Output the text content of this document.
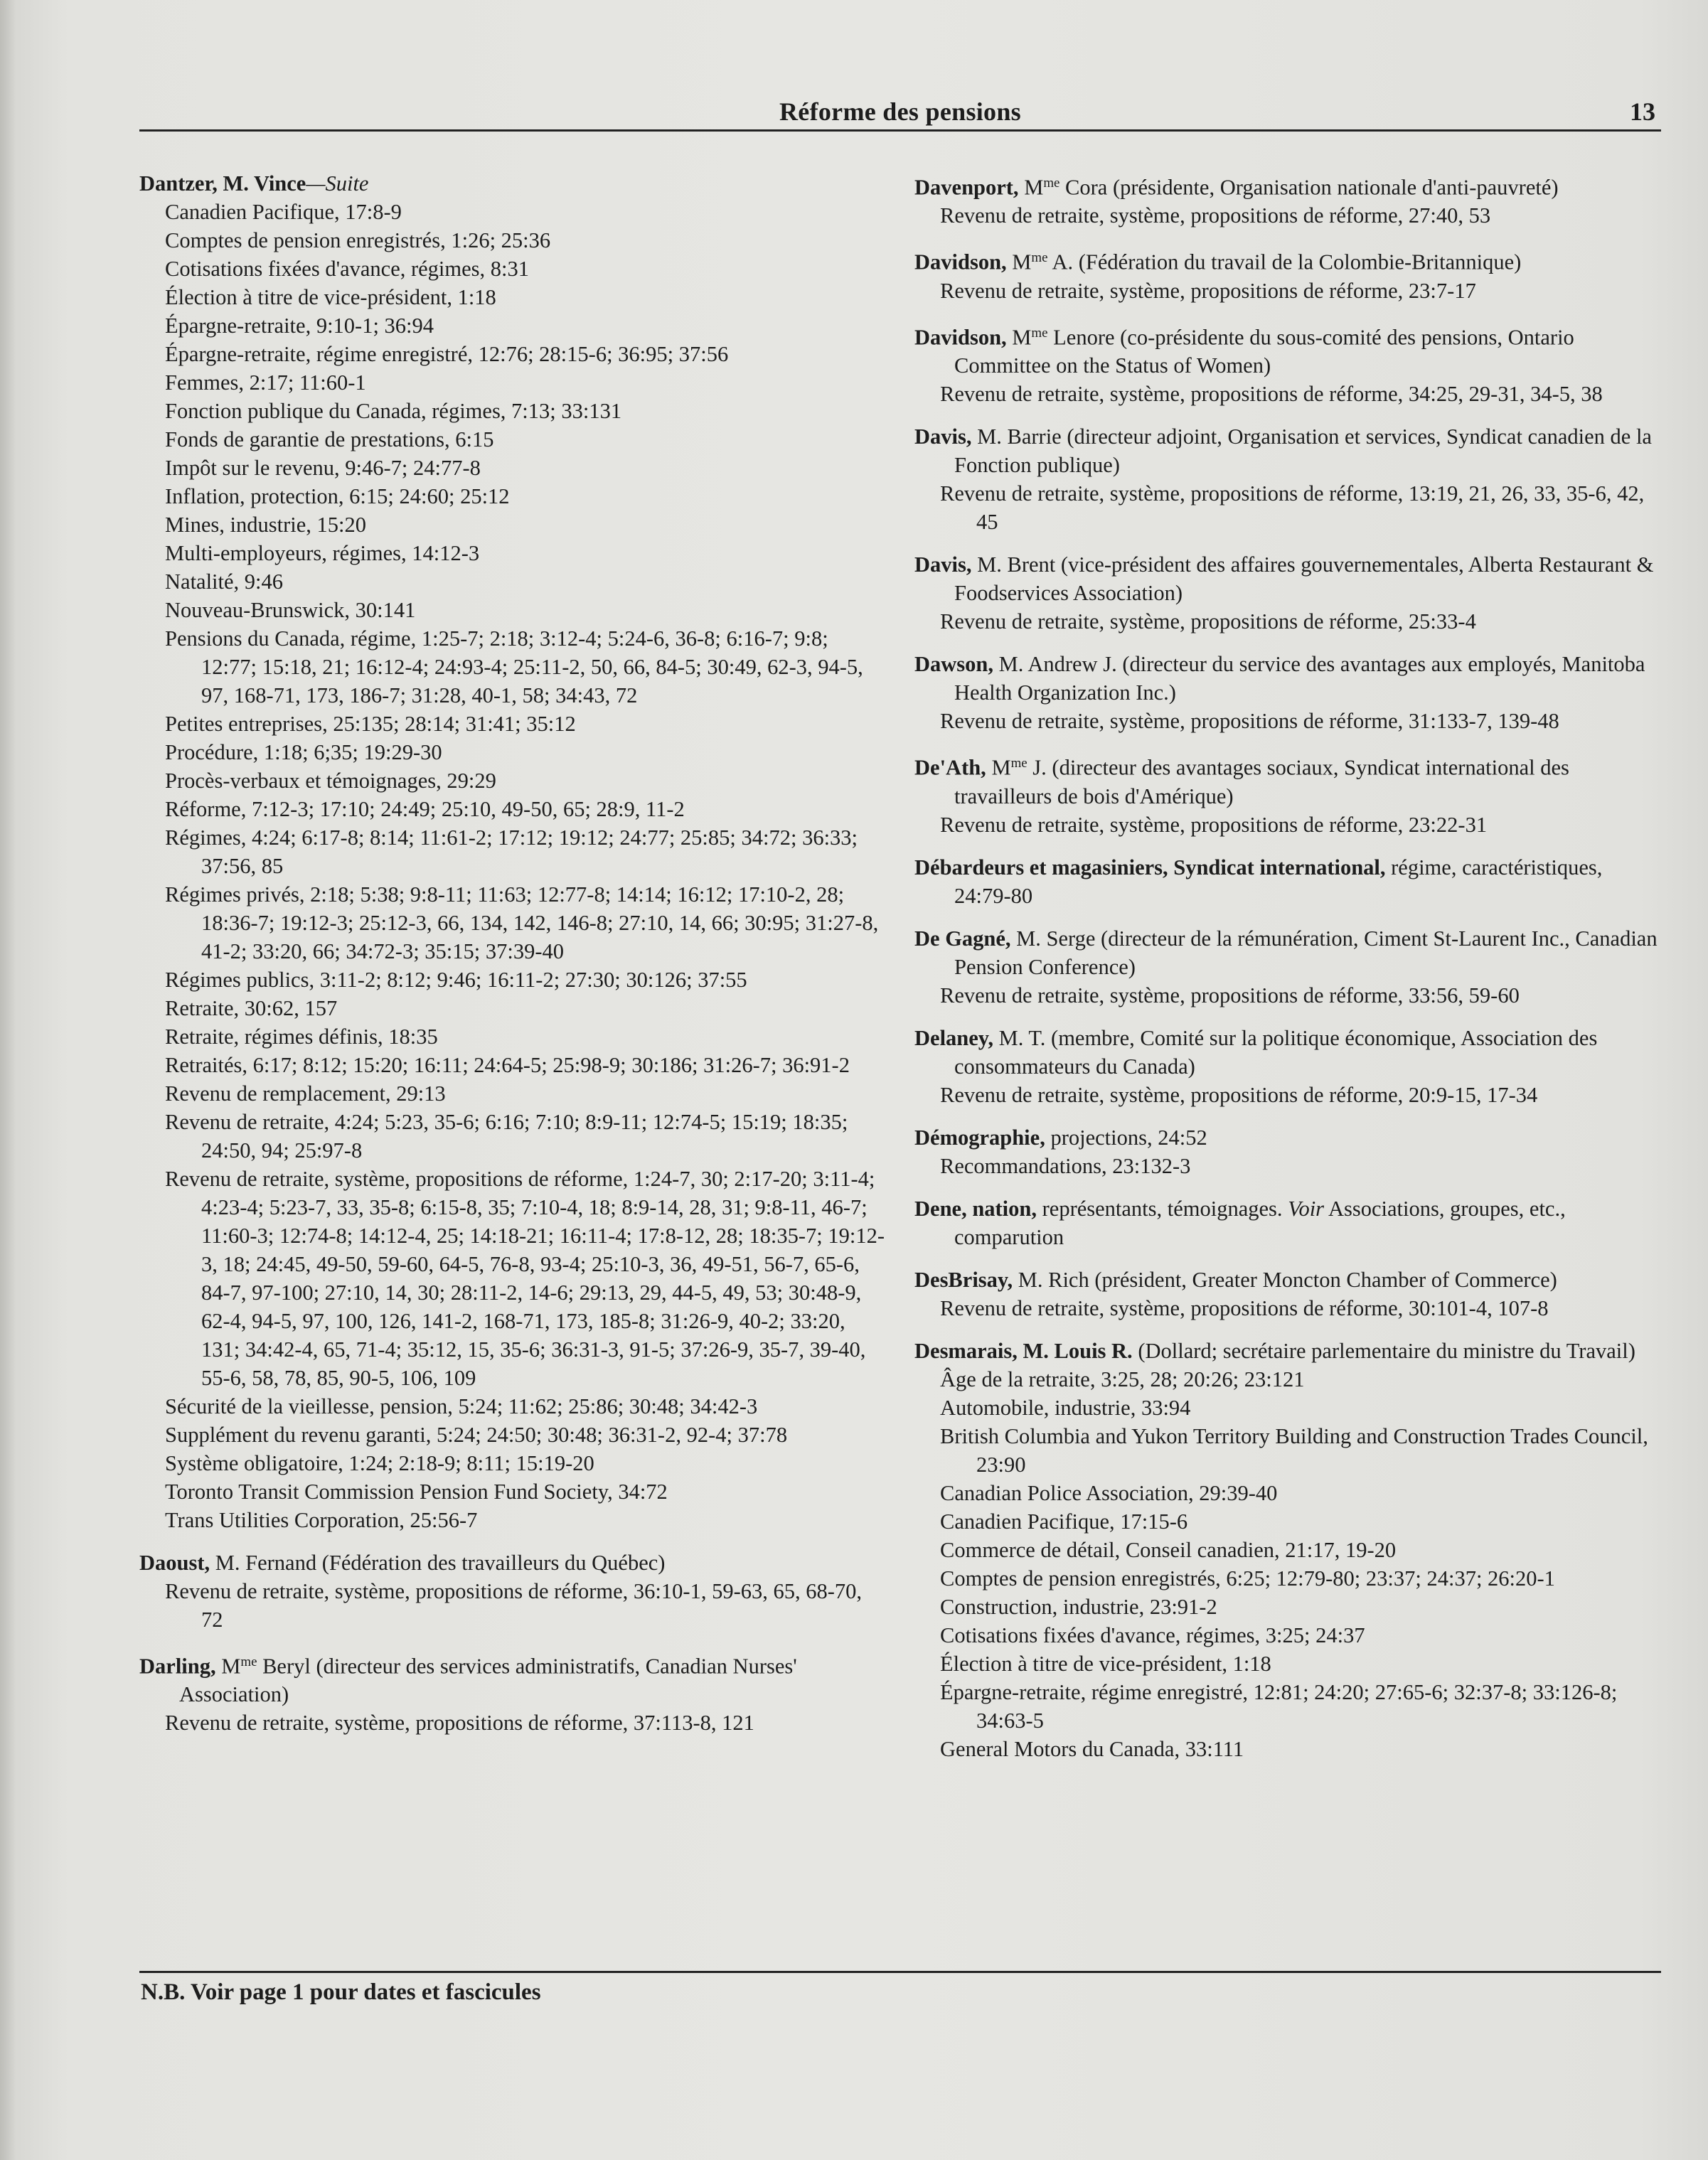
Réforme des pensions	13
Dantzer, M. Vince—Suite
Canadien Pacifique, 17:8-9
Comptes de pension enregistrés, 1:26; 25:36
Cotisations fixées d'avance, régimes, 8:31
Élection à titre de vice-président, 1:18
Épargne-retraite, 9:10-1; 36:94
Épargne-retraite, régime enregistré, 12:76; 28:15-6; 36:95; 37:56
Femmes, 2:17; 11:60-1
Fonction publique du Canada, régimes, 7:13; 33:131
Fonds de garantie de prestations, 6:15
Impôt sur le revenu, 9:46-7; 24:77-8
Inflation, protection, 6:15; 24:60; 25:12
Mines, industrie, 15:20
Multi-employeurs, régimes, 14:12-3
Natalité, 9:46
Nouveau-Brunswick, 30:141
Pensions du Canada, régime, 1:25-7; 2:18; 3:12-4; 5:24-6, 36-8; 6:16-7; 9:8; 12:77; 15:18, 21; 16:12-4; 24:93-4; 25:11-2, 50, 66, 84-5; 30:49, 62-3, 94-5, 97, 168-71, 173, 186-7; 31:28, 40-1, 58; 34:43, 72
Petites entreprises, 25:135; 28:14; 31:41; 35:12
Procédure, 1:18; 6;35; 19:29-30
Procès-verbaux et témoignages, 29:29
Réforme, 7:12-3; 17:10; 24:49; 25:10, 49-50, 65; 28:9, 11-2
Régimes, 4:24; 6:17-8; 8:14; 11:61-2; 17:12; 19:12; 24:77; 25:85; 34:72; 36:33; 37:56, 85
Régimes privés, 2:18; 5:38; 9:8-11; 11:63; 12:77-8; 14:14; 16:12; 17:10-2, 28; 18:36-7; 19:12-3; 25:12-3, 66, 134, 142, 146-8; 27:10, 14, 66; 30:95; 31:27-8, 41-2; 33:20, 66; 34:72-3; 35:15; 37:39-40
Régimes publics, 3:11-2; 8:12; 9:46; 16:11-2; 27:30; 30:126; 37:55
Retraite, 30:62, 157
Retraite, régimes définis, 18:35
Retraités, 6:17; 8:12; 15:20; 16:11; 24:64-5; 25:98-9; 30:186; 31:26-7; 36:91-2
Revenu de remplacement, 29:13
Revenu de retraite, 4:24; 5:23, 35-6; 6:16; 7:10; 8:9-11; 12:74-5; 15:19; 18:35; 24:50, 94; 25:97-8
Revenu de retraite, système, propositions de réforme, 1:24-7, 30; 2:17-20; 3:11-4; 4:23-4; 5:23-7, 33, 35-8; 6:15-8, 35; 7:10-4, 18; 8:9-14, 28, 31; 9:8-11, 46-7; 11:60-3; 12:74-8; 14:12-4, 25; 14:18-21; 16:11-4; 17:8-12, 28; 18:35-7; 19:12-3, 18; 24:45, 49-50, 59-60, 64-5, 76-8, 93-4; 25:10-3, 36, 49-51, 56-7, 65-6, 84-7, 97-100; 27:10, 14, 30; 28:11-2, 14-6; 29:13, 29, 44-5, 49, 53; 30:48-9, 62-4, 94-5, 97, 100, 126, 141-2, 168-71, 173, 185-8; 31:26-9, 40-2; 33:20, 131; 34:42-4, 65, 71-4; 35:12, 15, 35-6; 36:31-3, 91-5; 37:26-9, 35-7, 39-40, 55-6, 58, 78, 85, 90-5, 106, 109
Sécurité de la vieillesse, pension, 5:24; 11:62; 25:86; 30:48; 34:42-3
Supplément du revenu garanti, 5:24; 24:50; 30:48; 36:31-2, 92-4; 37:78
Système obligatoire, 1:24; 2:18-9; 8:11; 15:19-20
Toronto Transit Commission Pension Fund Society, 34:72
Trans Utilities Corporation, 25:56-7
Daoust, M. Fernand (Fédération des travailleurs du Québec)
Revenu de retraite, système, propositions de réforme, 36:10-1, 59-63, 65, 68-70, 72
Darling, $M^{me}$ Beryl (directeur des services administratifs, Canadian Nurses' Association)
Revenu de retraite, système, propositions de réforme, 37:113-8, 121
Davenport, $M^{me}$ Cora (présidente, Organisation nationale d'anti-pauvreté)
Revenu de retraite, système, propositions de réforme, 27:40, 53
Davidson, $M^{me}$ A. (Fédération du travail de la Colombie-Britannique)
Revenu de retraite, système, propositions de réforme, 23:7-17
Davidson, $M^{me}$ Lenore (co-présidente du sous-comité des pensions, Ontario Committee on the Status of Women)
Revenu de retraite, système, propositions de réforme, 34:25, 29-31, 34-5, 38
Davis, M. Barrie (directeur adjoint, Organisation et services, Syndicat canadien de la Fonction publique)
Revenu de retraite, système, propositions de réforme, 13:19, 21, 26, 33, 35-6, 42, 45
Davis, M. Brent (vice-président des affaires gouvernementales, Alberta Restaurant & Foodservices Association)
Revenu de retraite, système, propositions de réforme, 25:33-4
Dawson, M. Andrew J. (directeur du service des avantages aux employés, Manitoba Health Organization Inc.)
Revenu de retraite, système, propositions de réforme, 31:133-7, 139-48
De'Ath, $M^{me}$ J. (directeur des avantages sociaux, Syndicat international des travailleurs de bois d'Amérique)
Revenu de retraite, système, propositions de réforme, 23:22-31
Débardeurs et magasiniers, Syndicat international, régime, caractéristiques, 24:79-80
De Gagné, M. Serge (directeur de la rémunération, Ciment St-Laurent Inc., Canadian Pension Conference)
Revenu de retraite, système, propositions de réforme, 33:56, 59-60
Delaney, M. T. (membre, Comité sur la politique économique, Association des consommateurs du Canada)
Revenu de retraite, système, propositions de réforme, 20:9-15, 17-34
Démographie, projections, 24:52
Recommandations, 23:132-3
Dene, nation, représentants, témoignages. Voir Associations, groupes, etc., comparution
DesBrisay, M. Rich (président, Greater Moncton Chamber of Commerce)
Revenu de retraite, système, propositions de réforme, 30:101-4, 107-8
Desmarais, M. Louis R. (Dollard; secrétaire parlementaire du ministre du Travail)
Âge de la retraite, 3:25, 28; 20:26; 23:121
Automobile, industrie, 33:94
British Columbia and Yukon Territory Building and Construction Trades Council, 23:90
Canadian Police Association, 29:39-40
Canadien Pacifique, 17:15-6
Commerce de détail, Conseil canadien, 21:17, 19-20
Comptes de pension enregistrés, 6:25; 12:79-80; 23:37; 24:37; 26:20-1
Construction, industrie, 23:91-2
Cotisations fixées d'avance, régimes, 3:25; 24:37
Élection à titre de vice-président, 1:18
Épargne-retraite, régime enregistré, 12:81; 24:20; 27:65-6; 32:37-8; 33:126-8; 34:63-5
General Motors du Canada, 33:111
N.B. Voir page 1 pour dates et fascicules
